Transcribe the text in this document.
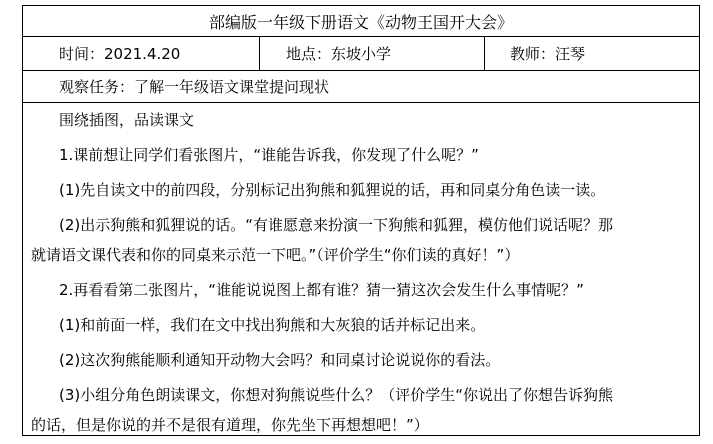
部编版一年级下册语文《动物王国开大会》
时间：2021.4.20	地点：东坡小学	教师：汪琴
观察任务：了解一年级语文课堂提问现状
围绕插图，品读课文
1.课前想让同学们看张图片，“谁能告诉我，你发现了什么呢？”
(1)先自读文中的前四段，分别标记出狗熊和狐狸说的话，再和同桌分角色读一读。
(2)出示狗熊和狐狸说的话。“有谁愿意来扮演一下狗熊和狐狸，模仿他们说话呢？那
就请语文课代表和你的同桌来示范一下吧。”（评价学生“你们读的真好！”）
2.再看看第二张图片，“谁能说说图上都有谁？猜一猜这次会发生什么事情呢？”
(1)和前面一样，我们在文中找出狗熊和大灰狼的话并标记出来。
(2)这次狗熊能顺利通知开动物大会吗？和同桌讨论说说你的看法。
(3)小组分角色朗读课文，你想对狗熊说些什么？（评价学生“你说出了你想告诉狗熊
的话，但是你说的并不是很有道理，你先坐下再想想吧！”）
